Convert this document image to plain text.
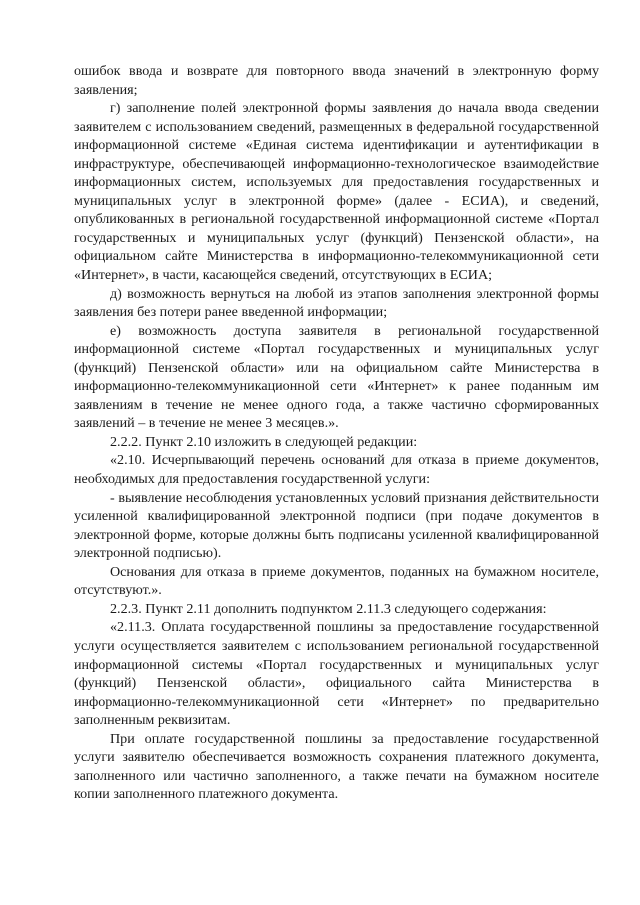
ошибок ввода и возврате для повторного ввода значений в электронную форму заявления;

г) заполнение полей электронной формы заявления до начала ввода сведении заявителем с использованием сведений, размещенных в федеральной государственной информационной системе «Единая система идентификации и аутентификации в инфраструктуре, обеспечивающей информационно-технологическое взаимодействие информационных систем, используемых для предоставления государственных и муниципальных услуг в электронной форме» (далее - ЕСИА), и сведений, опубликованных в региональной государственной информационной системе «Портал государственных и муниципальных услуг (функций) Пензенской области», на официальном сайте Министерства в информационно-телекоммуникационной сети «Интернет», в части, касающейся сведений, отсутствующих в ЕСИА;

д) возможность вернуться на любой из этапов заполнения электронной формы заявления без потери ранее введенной информации;

е) возможность доступа заявителя в региональной государственной информационной системе «Портал государственных и муниципальных услуг (функций) Пензенской области» или на официальном сайте Министерства в информационно-телекоммуникационной сети «Интернет» к ранее поданным им заявлениям в течение не менее одного года, а также частично сформированных заявлений – в течение не менее 3 месяцев.».

2.2.2. Пункт 2.10 изложить в следующей редакции:

«2.10. Исчерпывающий перечень оснований для отказа в приеме документов, необходимых для предоставления государственной услуги:

- выявление несоблюдения установленных условий признания действительности усиленной квалифицированной электронной подписи (при подаче документов в электронной форме, которые должны быть подписаны усиленной квалифицированной электронной подписью).

Основания для отказа в приеме документов, поданных на бумажном носителе, отсутствуют.».

2.2.3. Пункт 2.11 дополнить подпунктом 2.11.3 следующего содержания:

«2.11.3. Оплата государственной пошлины за предоставление государственной услуги осуществляется заявителем с использованием региональной государственной информационной системы «Портал государственных и муниципальных услуг (функций) Пензенской области», официального сайта Министерства в информационно-телекоммуникационной сети «Интернет» по предварительно заполненным реквизитам.

При оплате государственной пошлины за предоставление государственной услуги заявителю обеспечивается возможность сохранения платежного документа, заполненного или частично заполненного, а также печати на бумажном носителе копии заполненного платежного документа.
